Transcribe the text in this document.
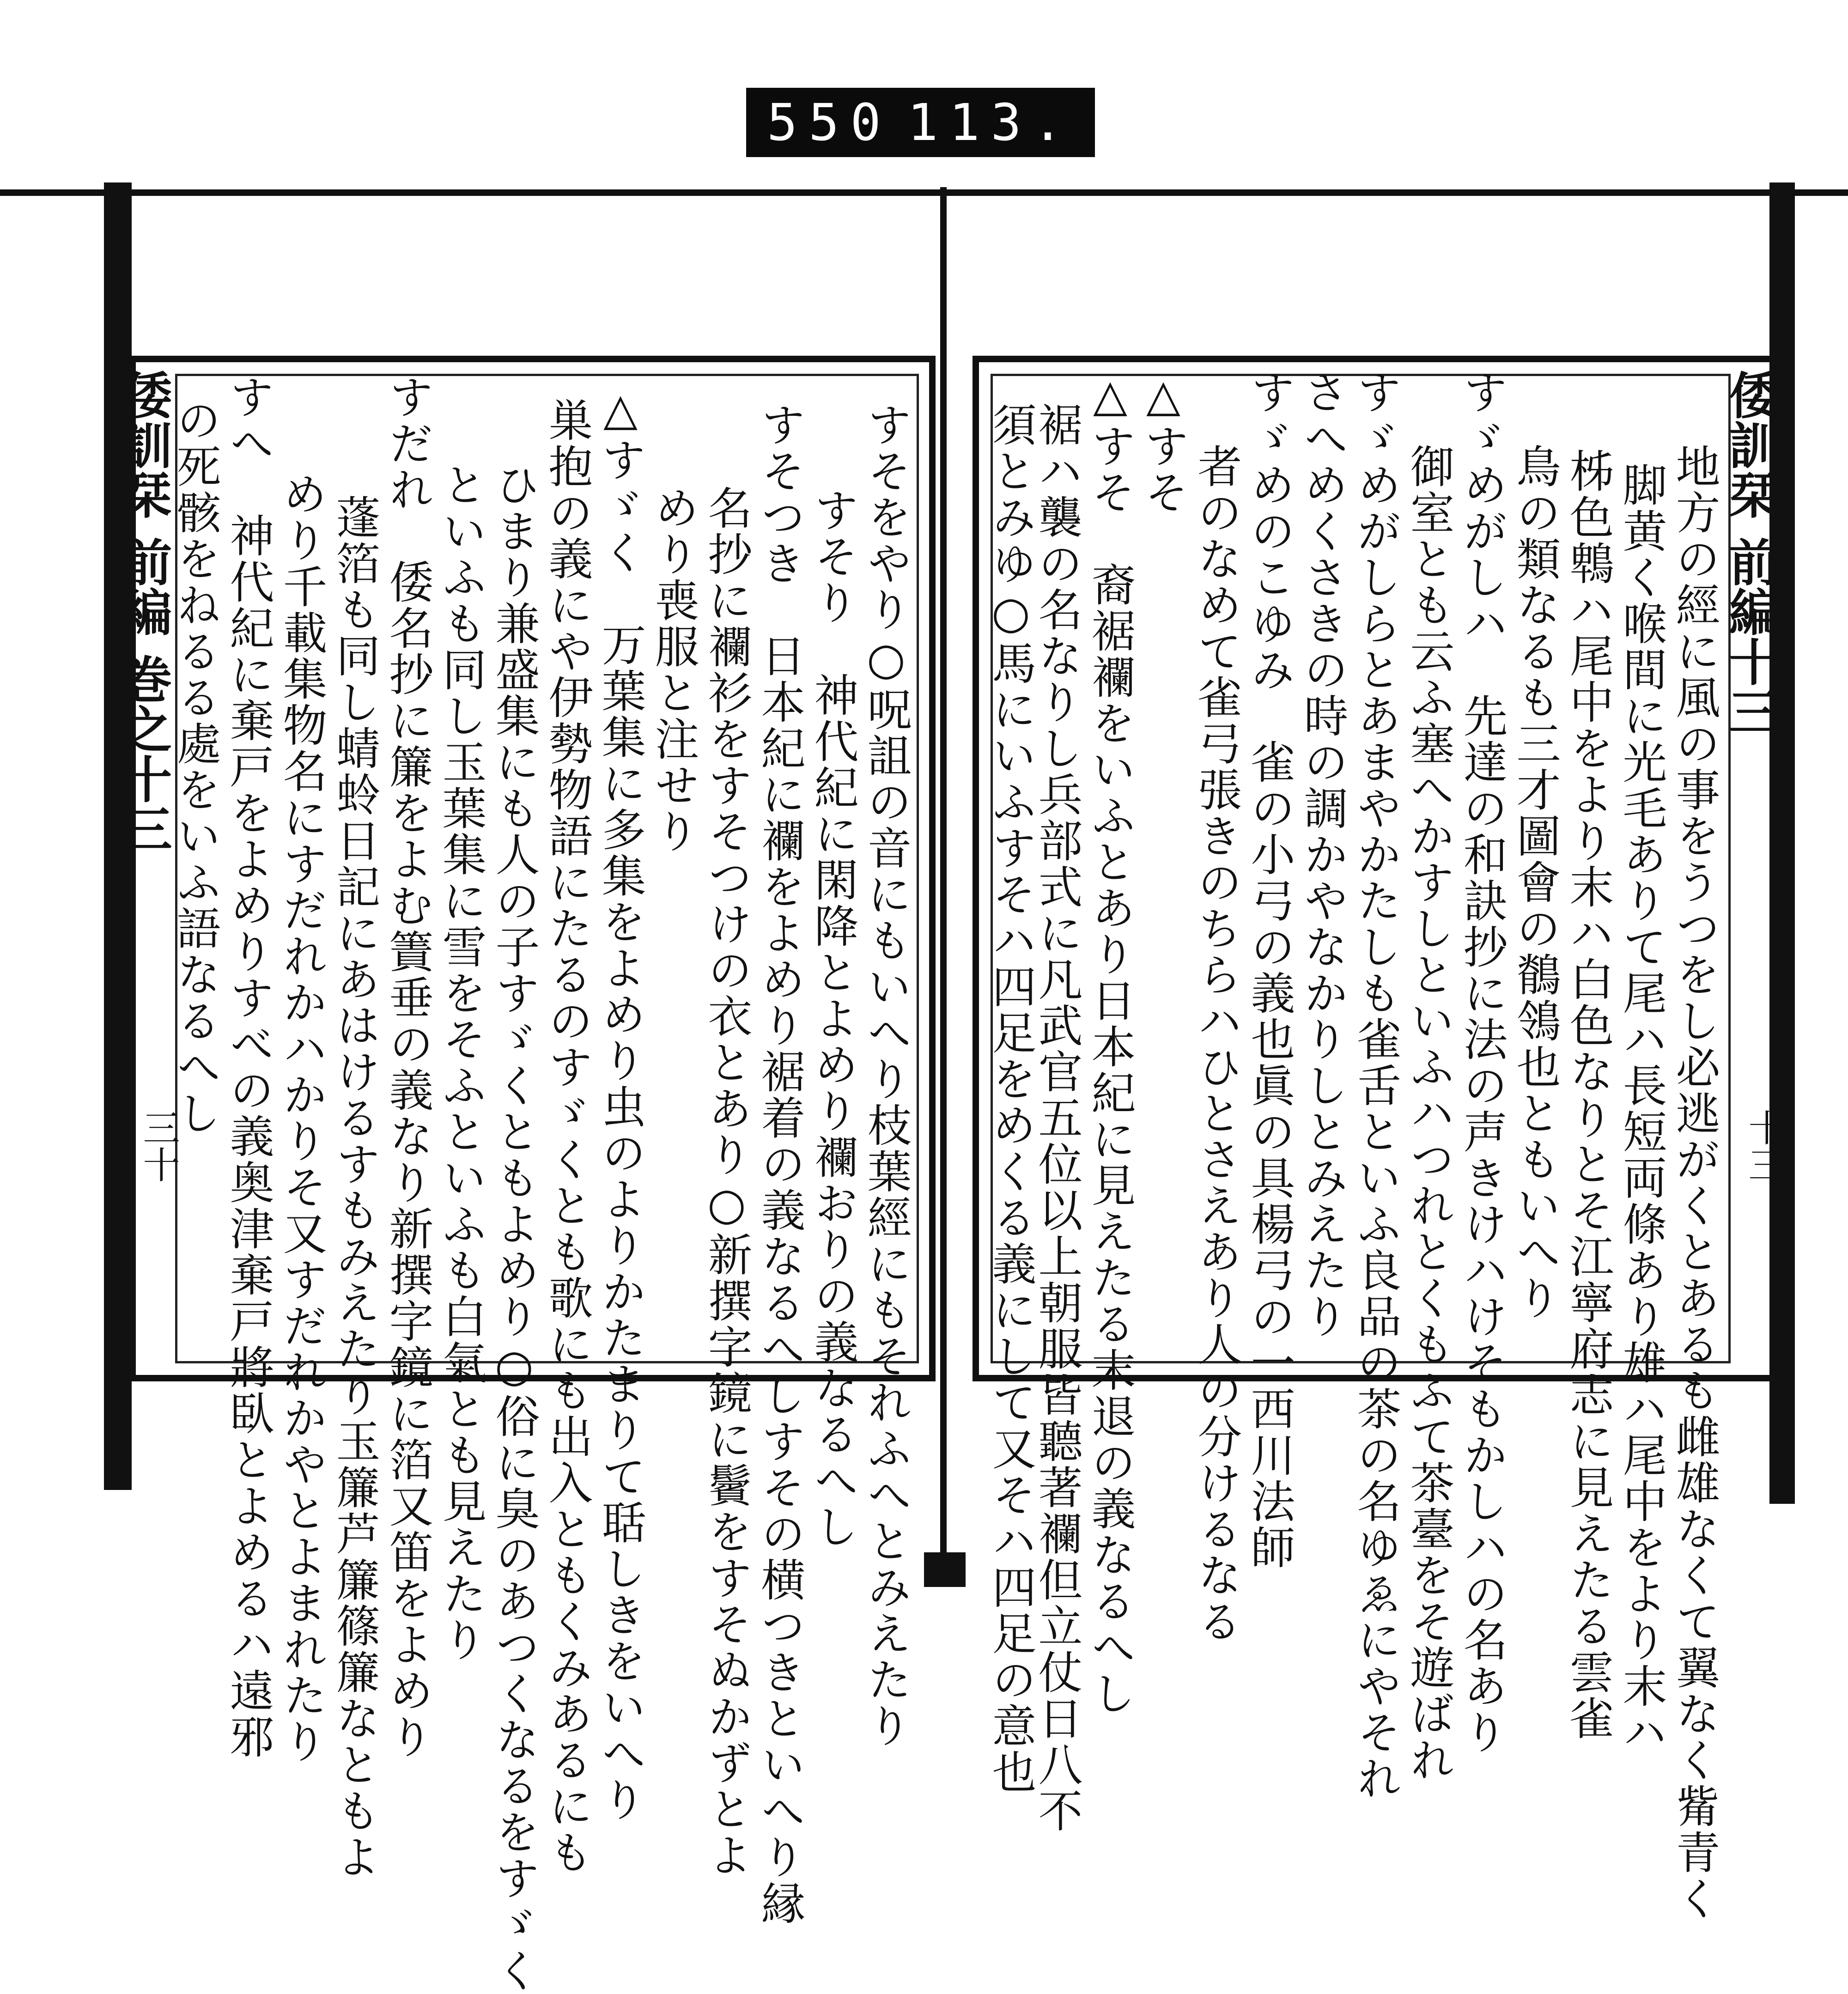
550 113.
倭訓栞 前編 巻之十三
三十	すそをやり○呪詛の音にもいへり枝葉經にもそれふへとみえたり
すそり　神代紀に閑降とよめり襴おりの義なるへし
すそつき　日本紀に襴をよめり裾着の義なるへしすその横つきといへり縁
名抄に襴衫をすそつけの衣とあり○新撰字鏡に鬢をすそぬかずとよ
めり喪服と注せり
△すゞく　万葉集に多集をよめり虫のよりかたまりて聒しきをいへり
巣抱の義にや伊勢物語にたるのすゞくとも歌にも出入ともくみあるにも
ひまり兼盛集にも人の子すゞくともよめり○俗に臭のあつくなるをすゞく
といふも同し玉葉集に雪をそふといふも白氣とも見えたり
すだれ　倭名抄に簾をよむ簀垂の義なり新撰字鏡に箔又笛をよめり
蓬箔も同し蜻蛉日記にあはけるすもみえたり玉簾芦簾篠簾なともよ
めり千載集物名にすだれかハかりそ又すだれかやとよまれたり
すへ　神代紀に棄戸をよめりすべの義奥津棄戸將臥とよめるハ遠邪
の死骸をねるる處をいふ語なるへし	倭訓栞 前編十三
十三
地方の經に風の事をうつをし必逃がくとあるも雌雄なくて翼なく觜青く
脚黄く喉間に光毛ありて尾ハ長短両條あり雄ハ尾中をより末ハ
柹色鵯ハ尾中をより末ハ白色なりとそ江寧府志に見えたる雲雀
鳥の類なるも三才圖會の鶺鴒也ともいへり
すゞめがしハ　先達の和訣抄に法の声きけハけそもかしハの名あり
御室とも云ふ塞へかすしといふハつれとくもふて茶臺をそ遊ばれ
すゞめがしらとあまやかたしも雀舌といふ良品の茶の名ゆゑにやそれ
さへめくさきの時の調かやなかりしとみえたり
すゞめのこゆみ　雀の小弓の義也眞の具楊弓の一西川法師
者のなめて雀弓張きのちらハひとさえあり人の分けるなる
△すそ
△すそ　裔裾襴をいふとあり日本紀に見えたる末退の義なるへし
裾ハ襲の名なりし兵部式に凡武官五位以上朝服皆聽著襴但立仗日八不
須とみゆ○馬にいふすそハ四足をめくる義にして又そハ四足の意也
